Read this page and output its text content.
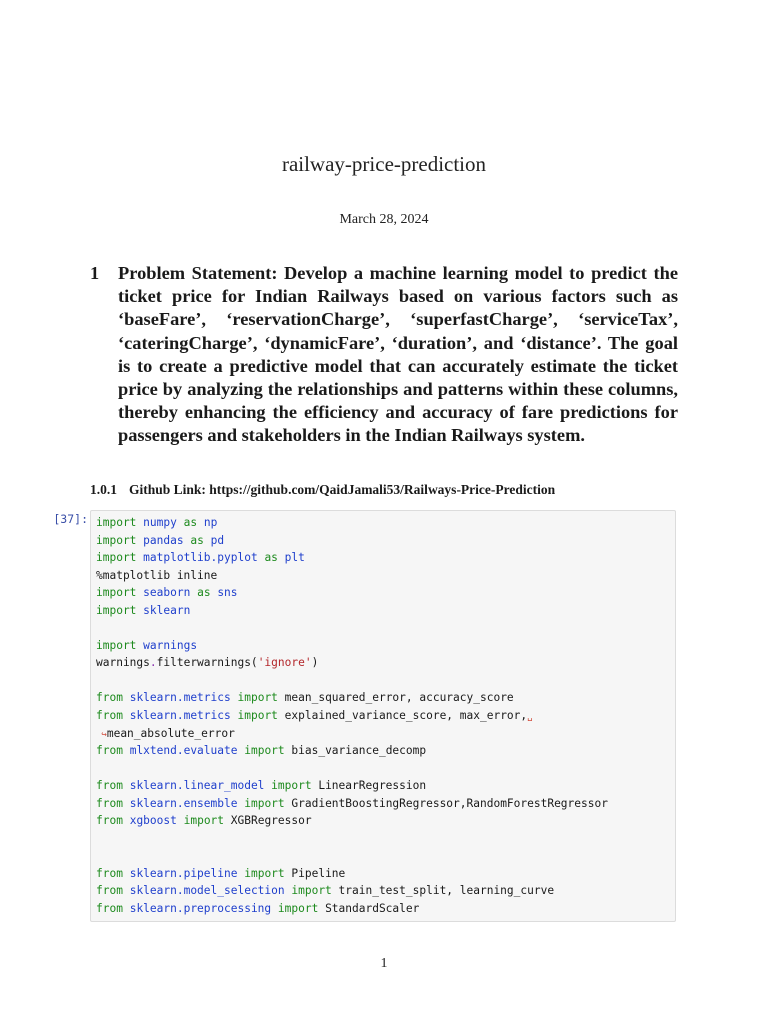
railway-price-prediction
March 28, 2024
1	Problem Statement: Develop a machine learning model to predict the ticket price for Indian Railways based on various factors such as ‘baseFare’, ‘reservationCharge’, ‘superfastCharge’, ‘serviceTax’, ‘cateringCharge’, ‘dynamicFare’, ‘duration’, and ‘distance’. The goal is to create a predictive model that can accurately estimate the ticket price by analyzing the relationships and patterns within these columns, thereby enhancing the efficiency and accuracy of fare predictions for passengers and stakeholders in the Indian Railways system.
1.0.1 Github Link: https://github.com/QaidJamali53/Railways-Price-Prediction
[37]: import numpy as np
import pandas as pd
import matplotlib.pyplot as plt
%matplotlib inline
import seaborn as sns
import sklearn
import warnings
warnings.filterwarnings('ignore')
from sklearn.metrics import mean_squared_error, accuracy_score
from sklearn.metrics import explained_variance_score, max_error,␣
↪mean_absolute_error
from mlxtend.evaluate import bias_variance_decomp
from sklearn.linear_model import LinearRegression
from sklearn.ensemble import GradientBoostingRegressor,RandomForestRegressor
from xgboost import XGBRegressor
from sklearn.pipeline import Pipeline
from sklearn.model_selection import train_test_split, learning_curve
from sklearn.preprocessing import StandardScaler
1
